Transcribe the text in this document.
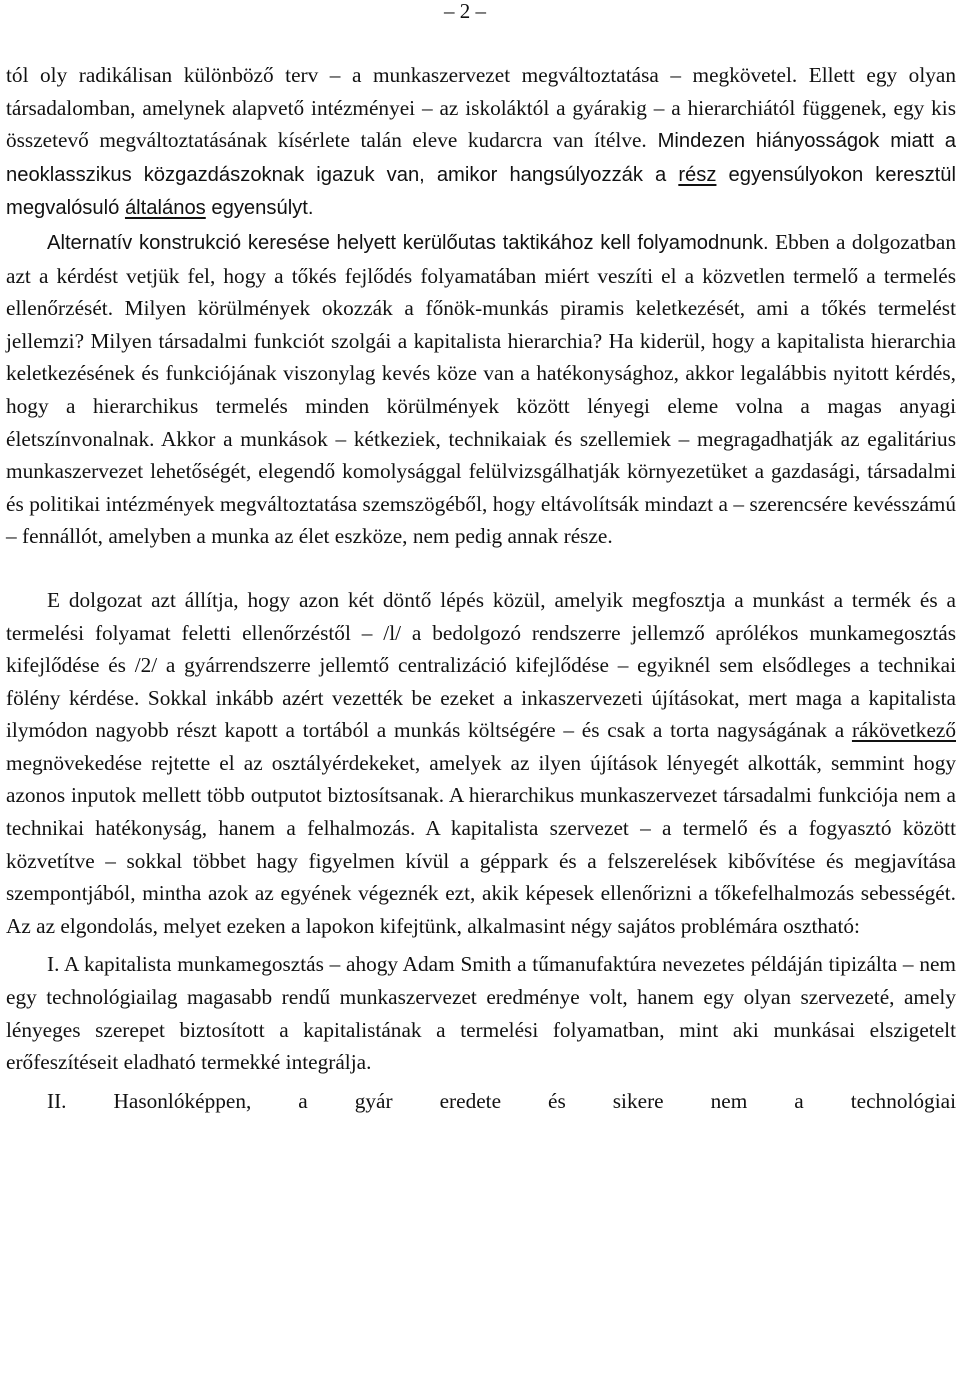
– 2 –

tól oly radikálisan különböző terv – a munkaszervezet megváltoztatása – megkövetel. Ellett egy olyan társadalomban, amelynek alapvető intézményei – az iskoláktól a gyárakig – a hierarchiától függenek, egy kis összetevő megváltoztatásának kísérlete talán eleve kudarcra van ítélve. Mindezen hiányosságok miatt a neoklasszikus közgazdászoknak igazuk van, amikor hangsúlyozzák a rész egyensúlyokon keresztül megvalósuló általános egyensúlyt.

Alternatív konstrukció keresése helyett kerülőutas taktikához kell folyamodnunk. Ebben a dolgozatban azt a kérdést vetjük fel, hogy a tőkés fejlődés folyamatában miért veszíti el a közvetlen termelő a termelés ellenőrzését. Milyen körülmények okozzák a főnök-munkás piramis keletkezését, ami a tőkés termelést jellemzi? Milyen társadalmi funkciót szolgái a kapitalista hierarchia? Ha kiderül, hogy a kapitalista hierarchia keletkezésének és funkciójának viszonylag kevés köze van a hatékonysághoz, akkor legalábbis nyitott kérdés, hogy a hierarchikus termelés minden körülmények között lényegi eleme volna a magas anyagi életszínvonalnak. Akkor a munkások – kétkeziek, technikaiak és szellemiek – megragadhatják az egalitárius munkaszervezet lehetőségét, elegendő komolysággal felülvizsgálhatják környezetüket a gazdasági, társadalmi és politikai intézmények megváltoztatása szemszögéből, hogy eltávolítsák mindazt a – szerencsére kevésszámú – fennállót, amelyben a munka az élet eszköze, nem pedig annak része.

E dolgozat azt állítja, hogy azon két döntő lépés közül, amelyik megfosztja a munkást a termék és a termelési folyamat feletti ellenőrzéstől – /l/ a bedolgozó rendszerre jellemző aprólékos munkamegosztás kifejlődése és /2/ a gyárrendszerre jellemtő centralizáció kifejlődése – egyiknél sem elsődleges a technikai fölény kérdése. Sokkal inkább azért vezették be ezeket a inkaszervezeti újításokat, mert maga a kapitalista ilymódon nagyobb részt kapott a tortából a munkás költségére – és csak a torta nagyságának a rákövetkező megnövekedése rejtette el az osztályérdekeket, amelyek az ilyen újítások lényegét alkották, semmint hogy azonos inputok mellett több outputot biztosítsanak. A hierarchikus munkaszervezet társadalmi funkciója nem a technikai hatékonyság, hanem a felhalmozás. A kapitalista szervezet – a termelő és a fogyasztó között közvetítve – sokkal többet hagy figyelmen kívül a géppark és a felszerelések kibővítése és megjavítása szempontjából, mintha azok az egyének végeznék ezt, akik képesek ellenőrizni a tőkefelhalmozás sebességét. Az az elgondolás, melyet ezeken a lapokon kifejtünk, alkalmasint négy sajátos problémára osztható:

I. A kapitalista munkamegosztás – ahogy Adam Smith a tűmanufaktúra nevezetes példáján tipizálta – nem egy technológiailag magasabb rendű munkaszervezet eredménye volt, hanem egy olyan szervezeté, amely lényeges szerepet biztosított a kapitalistának a termelési folyamatban, mint aki munkásai elszigetelt erőfeszítéseit eladható termekké integrálja.

II. Hasonlóképpen, a gyár eredete és sikere nem a technológiai
